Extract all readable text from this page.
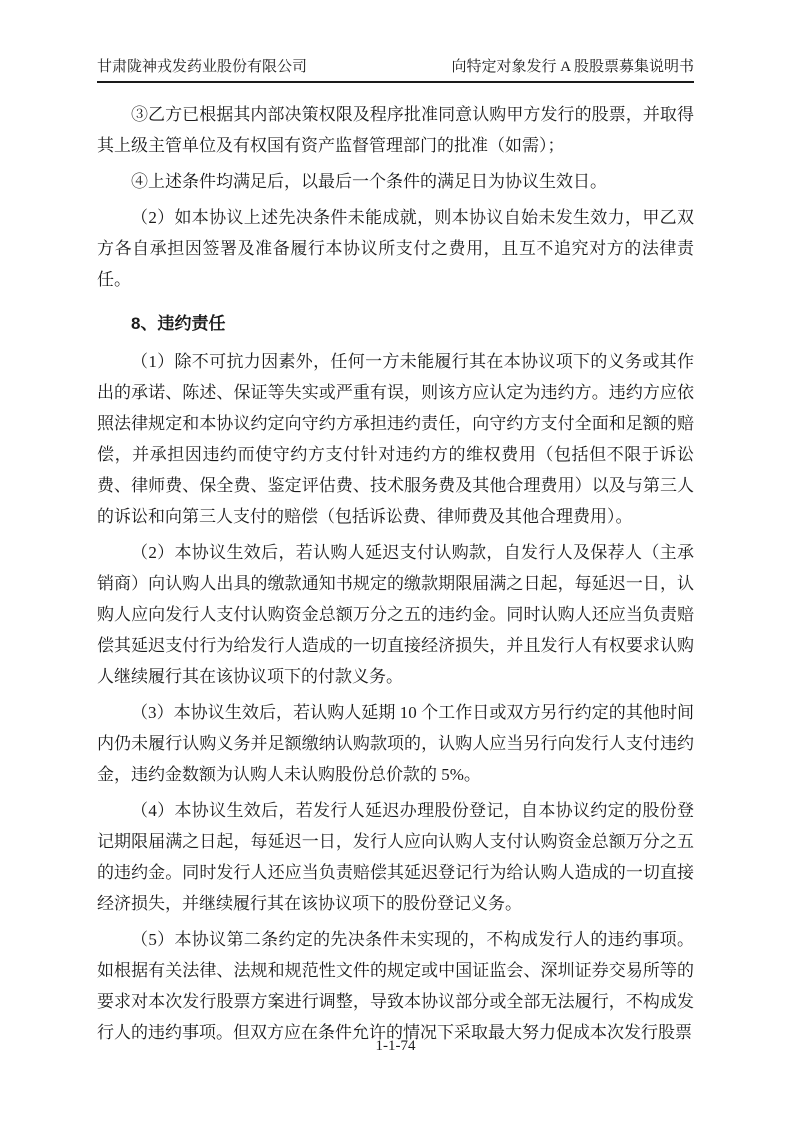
甘肃陇神戎发药业股份有限公司	向特定对象发行 A 股股票募集说明书

③乙方已根据其内部决策权限及程序批准同意认购甲方发行的股票，并取得其上级主管单位及有权国有资产监督管理部门的批准（如需）；

④上述条件均满足后，以最后一个条件的满足日为协议生效日。

（2）如本协议上述先决条件未能成就，则本协议自始未发生效力，甲乙双方各自承担因签署及准备履行本协议所支付之费用，且互不追究对方的法律责任。

8、违约责任

（1）除不可抗力因素外，任何一方未能履行其在本协议项下的义务或其作出的承诺、陈述、保证等失实或严重有误，则该方应认定为违约方。违约方应依照法律规定和本协议约定向守约方承担违约责任，向守约方支付全面和足额的赔偿，并承担因违约而使守约方支付针对违约方的维权费用（包括但不限于诉讼费、律师费、保全费、鉴定评估费、技术服务费及其他合理费用）以及与第三人的诉讼和向第三人支付的赔偿（包括诉讼费、律师费及其他合理费用）。

（2）本协议生效后，若认购人延迟支付认购款，自发行人及保荐人（主承销商）向认购人出具的缴款通知书规定的缴款期限届满之日起，每延迟一日，认购人应向发行人支付认购资金总额万分之五的违约金。同时认购人还应当负责赔偿其延迟支付行为给发行人造成的一切直接经济损失，并且发行人有权要求认购人继续履行其在该协议项下的付款义务。

（3）本协议生效后，若认购人延期 10 个工作日或双方另行约定的其他时间内仍未履行认购义务并足额缴纳认购款项的，认购人应当另行向发行人支付违约金，违约金数额为认购人未认购股份总价款的 5%。

（4）本协议生效后，若发行人延迟办理股份登记，自本协议约定的股份登记期限届满之日起，每延迟一日，发行人应向认购人支付认购资金总额万分之五的违约金。同时发行人还应当负责赔偿其延迟登记行为给认购人造成的一切直接经济损失，并继续履行其在该协议项下的股份登记义务。

（5）本协议第二条约定的先决条件未实现的，不构成发行人的违约事项。如根据有关法律、法规和规范性文件的规定或中国证监会、深圳证券交易所等的要求对本次发行股票方案进行调整，导致本协议部分或全部无法履行，不构成发行人的违约事项。但双方应在条件允许的情况下采取最大努力促成本次发行股票

1-1-74
